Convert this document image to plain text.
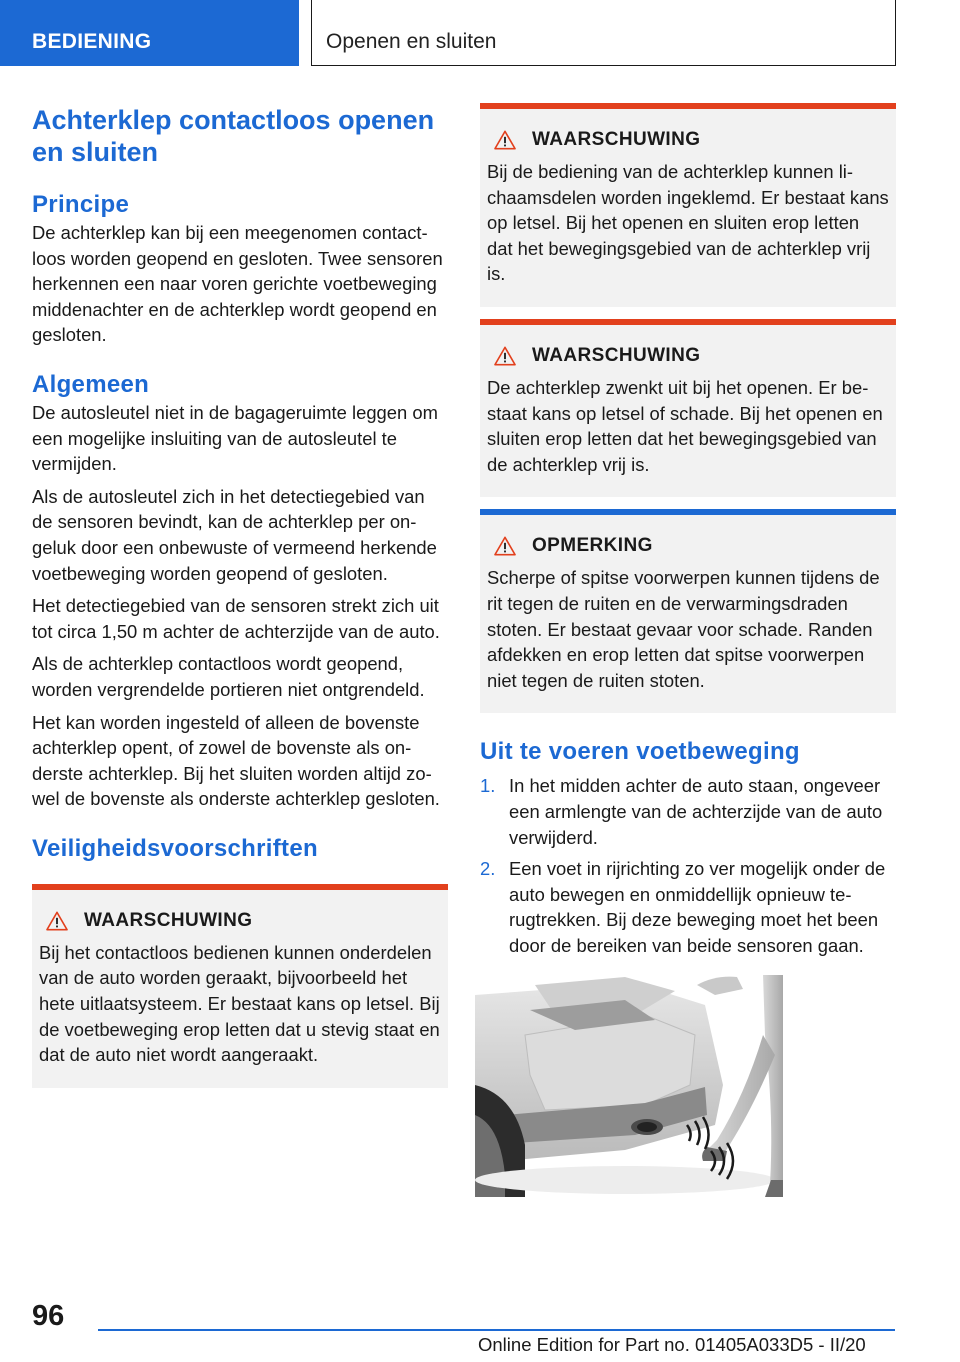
BEDIENING	Openen en sluiten
Achterklep contactloos openen en sluiten
Principe

De achterklep kan bij een meegenomen contactloos worden geopend en gesloten. Twee sensoren herkennen een naar voren gerichte voetbeweging middenachter en de achterklep wordt geopend en gesloten.

Algemeen

De autosleutel niet in de bagageruimte leggen om een mogelijke insluiting van de autosleutel te vermijden.

Als de autosleutel zich in het detectiegebied van de sensoren bevindt, kan de achterklep per ongeluk door een onbewuste of vermeend herkende voetbeweging worden geopend of gesloten.

Het detectiegebied van de sensoren strekt zich uit tot circa 1,50 m achter de achterzijde van de auto.

Als de achterklep contactloos wordt geopend, worden vergrendelde portieren niet ontgrendeld.

Het kan worden ingesteld of alleen de bovenste achterklep opent, of zowel de bovenste als onderste achterklep. Bij het sluiten worden altijd zowel de bovenste als onderste achterklep gesloten.

Veiligheidsvoorschriften
WAARSCHUWING

Bij het contactloos bedienen kunnen onderdelen van de auto worden geraakt, bijvoorbeeld het hete uitlaatsysteem. Er bestaat kans op letsel. Bij de voetbeweging erop letten dat u stevig staat en dat de auto niet wordt aangeraakt.

WAARSCHUWING

Bij de bediening van de achterklep kunnen lichaamsdelen worden ingeklemd. Er bestaat kans op letsel. Bij het openen en sluiten erop letten dat het bewegingsgebied van de achterklep vrij is.

WAARSCHUWING

De achterklep zwenkt uit bij het openen. Er bestaat kans op letsel of schade. Bij het openen en sluiten erop letten dat het bewegingsgebied van de achterklep vrij is.

OPMERKING

Scherpe of spitse voorwerpen kunnen tijdens de rit tegen de ruiten en de verwarmingsdraden stoten. Er bestaat gevaar voor schade. Randen afdekken en erop letten dat spitse voorwerpen niet tegen de ruiten stoten.

Uit te voeren voetbeweging
1. In het midden achter de auto staan, ongeveer een armlengte van de achterzijde van de auto verwijderd.
2. Een voet in rijrichting zo ver mogelijk onder de auto bewegen en onmiddellijk opnieuw terugtrekken. Bij deze beweging moet het been door de bereiken van beide sensoren gaan.
96
Online Edition for Part no. 01405A033D5 - II/20
